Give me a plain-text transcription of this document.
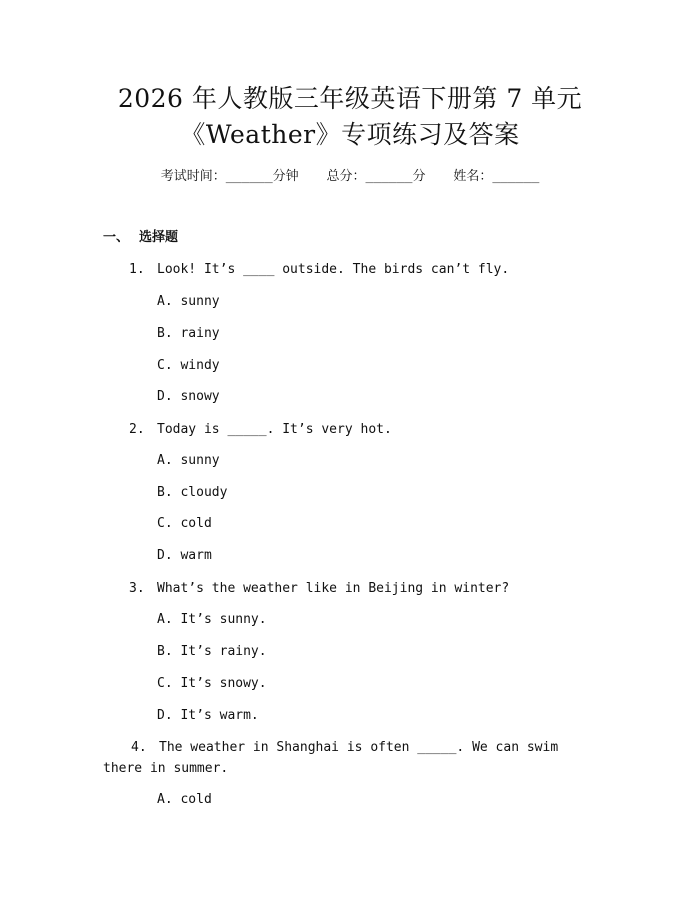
2026 年人教版三年级英语下册第 7 单元
《Weather》专项练习及答案
考试时间：______分钟 总分：______分 姓名：______
一、 选择题
1. Look! It’s ____ outside. The birds can’t fly.
A. sunny
B. rainy
C. windy
D. snowy
2. Today is _____. It’s very hot.
A. sunny
B. cloudy
C. cold
D. warm
3. What’s the weather like in Beijing in winter?
A. It’s sunny.
B. It’s rainy.
C. It’s snowy.
D. It’s warm.
4. The weather in Shanghai is often _____. We can swim there in summer.
A. cold
